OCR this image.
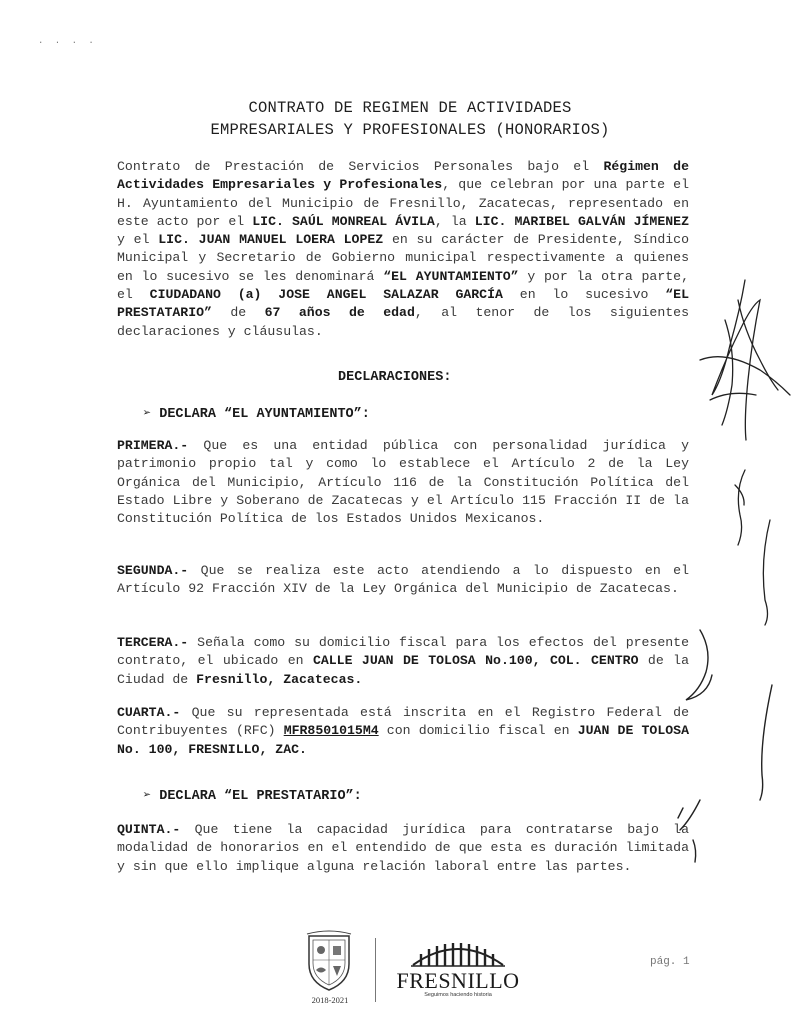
· · · ·
CONTRATO DE REGIMEN DE ACTIVIDADES
EMPRESARIALES Y PROFESIONALES (HONORARIOS)
Contrato de Prestación de Servicios Personales bajo el Régimen de Actividades Empresariales y Profesionales, que celebran por una parte el H. Ayuntamiento del Municipio de Fresnillo, Zacatecas, representado en este acto por el LIC. SAÚL MONREAL ÁVILA, la LIC. MARIBEL GALVÁN JÍMENEZ y el LIC. JUAN MANUEL LOERA LOPEZ en su carácter de Presidente, Síndico Municipal y Secretario de Gobierno municipal respectivamente a quienes en lo sucesivo se les denominará “EL AYUNTAMIENTO” y por la otra parte, el CIUDADANO (a) JOSE ANGEL SALAZAR GARCÍA en lo sucesivo “EL PRESTATARIO” de 67 años de edad, al tenor de los siguientes declaraciones y cláusulas.
DECLARACIONES:
➢ DECLARA “EL AYUNTAMIENTO”:
PRIMERA.- Que es una entidad pública con personalidad jurídica y patrimonio propio tal y como lo establece el Artículo 2 de la Ley Orgánica del Municipio, Artículo 116 de la Constitución Política del Estado Libre y Soberano de Zacatecas y el Artículo 115 Fracción II de la Constitución Política de los Estados Unidos Mexicanos.
SEGUNDA.- Que se realiza este acto atendiendo a lo dispuesto en el Artículo 92 Fracción XIV de la Ley Orgánica del Municipio de Zacatecas.
TERCERA.- Señala como su domicilio fiscal para los efectos del presente contrato, el ubicado en CALLE JUAN DE TOLOSA No.100, COL. CENTRO de la Ciudad de Fresnillo, Zacatecas.
CUARTA.- Que su representada está inscrita en el Registro Federal de Contribuyentes (RFC) MFR8501015M4 con domicilio fiscal en JUAN DE TOLOSA No. 100, FRESNILLO, ZAC.
➢ DECLARA “EL PRESTATARIO”:
QUINTA.- Que tiene la capacidad jurídica para contratarse bajo la modalidad de honorarios en el entendido de que esta es duración limitada y sin que ello implique alguna relación laboral entre las partes.
2018-2021
FRESNILLO
Seguimos haciendo historia
pág. 1
